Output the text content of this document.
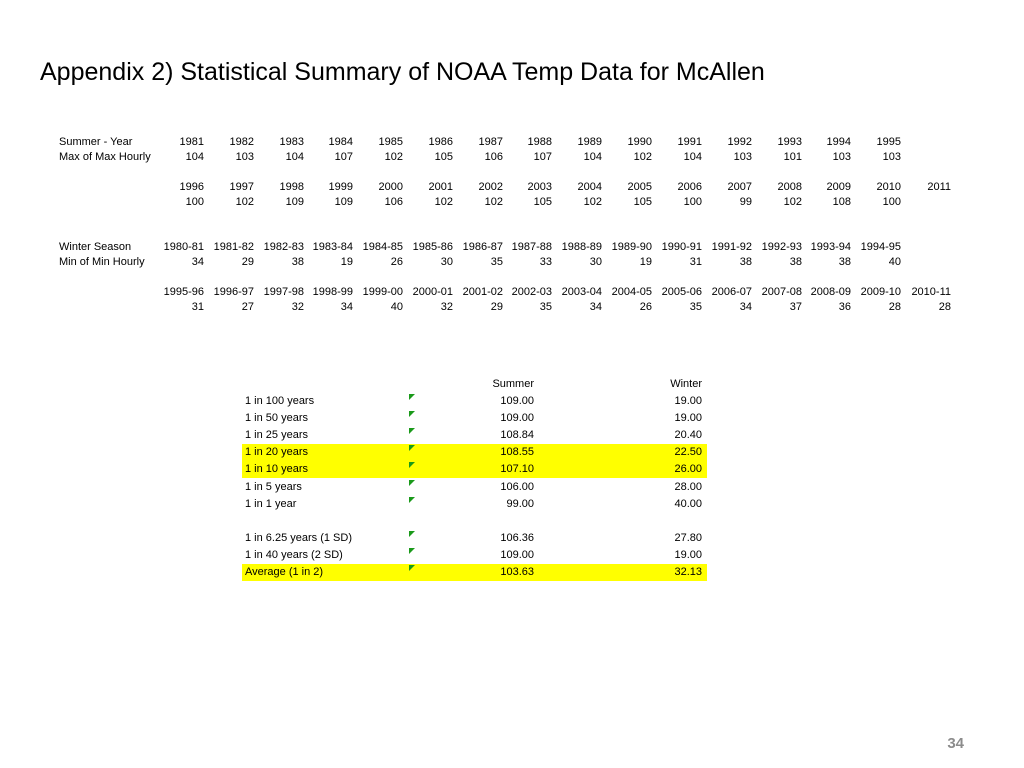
Appendix 2) Statistical Summary of NOAA Temp Data for McAllen
Summer - Year
Max of Max Hourly
1981	1982	1983	1984	1985	1986	1987	1988	1989	1990	1991	1992	1993	1994	1995
104	103	104	107	102	105	106	107	104	102	104	103	101	103	103
1996	1997	1998	1999	2000	2001	2002	2003	2004	2005	2006	2007	2008	2009	2010	2011
100	102	109	109	106	102	102	105	102	105	100	99	102	108	100
Winter Season
Min of Min Hourly
1980-81 1981-82 1982-83 1983-84 1984-85 1985-86 1986-87 1987-88 1988-89 1989-90 1990-91 1991-92 1992-93 1993-94 1994-95
34	29	38	19	26	30	35	33	30	19	31	38	38	38	40
1995-96 1996-97 1997-98 1998-99 1999-00 2000-01 2001-02 2002-03 2003-04 2004-05 2005-06 2006-07 2007-08 2008-09 2009-10 2010-11
31	27	32	34	40	32	29	35	34	26	35	34	37	36	28	28
Summer	Winter
1 in 100 years	109.00	19.00
1 in 50 years	109.00	19.00
1 in 25 years	108.84	20.40
1 in 20 years	108.55	22.50
1 in 10 years	107.10	26.00
1 in 5 years	106.00	28.00
1 in 1 year	99.00	40.00
1 in 6.25 years (1 SD)	106.36	27.80
1 in 40 years (2 SD)	109.00	19.00
Average (1 in 2)	103.63	32.13
34
